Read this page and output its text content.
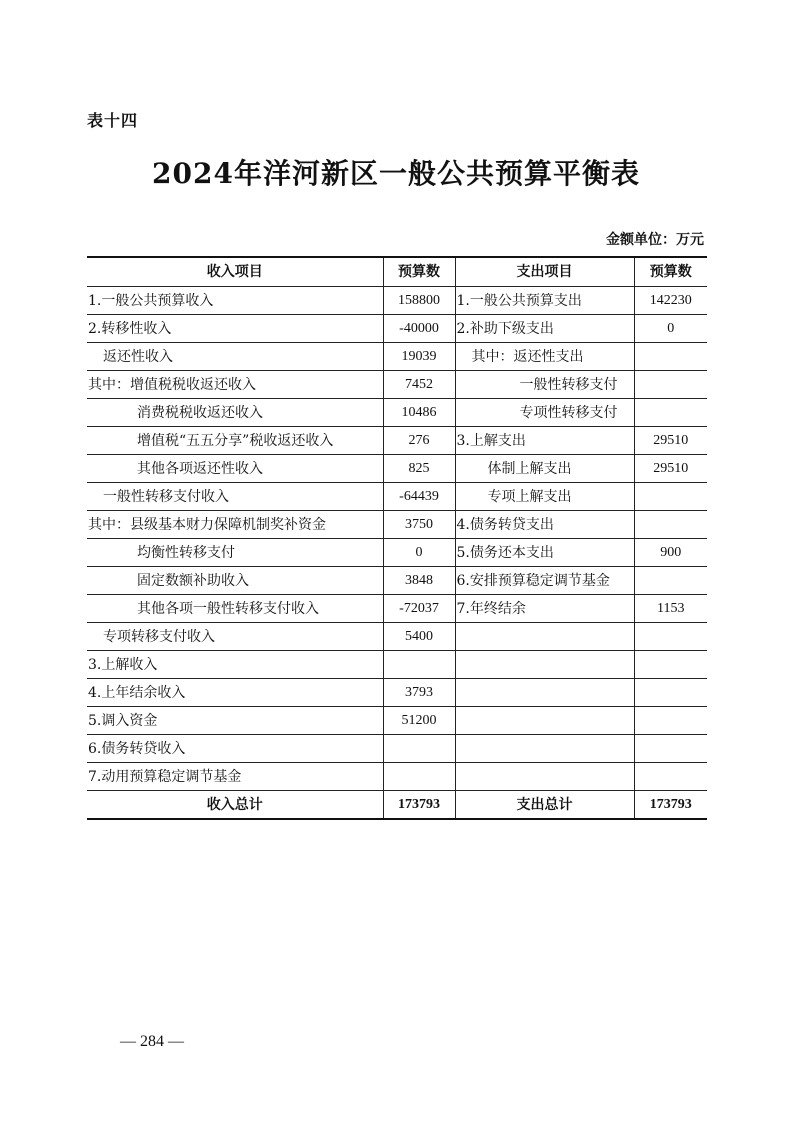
表十四
2024年洋河新区一般公共预算平衡表
金额单位：万元
收入项目	预算数	支出项目	预算数
1.一般公共预算收入	158800	1.一般公共预算支出	142230
2.转移性收入	-40000	2.补助下级支出	0
返还性收入	19039	其中：返还性支出	
其中：增值税税收返还收入	7452	一般性转移支付	
消费税税收返还收入	10486	专项性转移支付	
增值税“五五分享”税收返还收入	276	3.上解支出	29510
其他各项返还性收入	825	体制上解支出	29510
一般性转移支付收入	-64439	专项上解支出	
其中：县级基本财力保障机制奖补资金	3750	4.债务转贷支出	
均衡性转移支付	0	5.债务还本支出	900
固定数额补助收入	3848	6.安排预算稳定调节基金	
其他各项一般性转移支付收入	-72037	7.年终结余	1153
专项转移支付收入	5400		
3.上解收入			
4.上年结余收入	3793		
5.调入资金	51200		
6.债务转贷收入			
7.动用预算稳定调节基金			
收入总计	173793	支出总计	173793
— 284 —
